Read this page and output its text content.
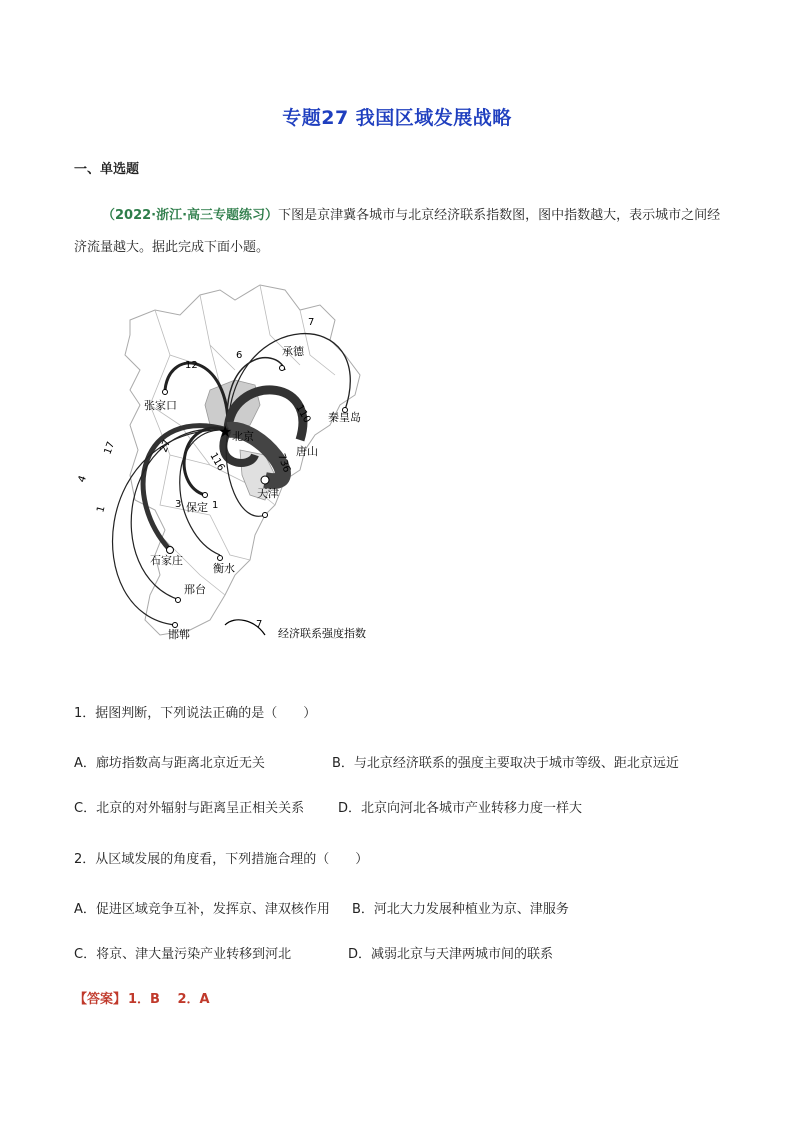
专题27 我国区域发展战略
一、单选题
（2022·浙江·高三专题练习）下图是京津冀各城市与北京经济联系指数图，图中指数越大，表示城市之间经济流量越大。据此完成下面小题。
★ 北京
天津
唐山
承德
秦皇岛
张家口
保定
石家庄
衡水
邢台
邯郸
7
6
12
110
736
116
27
17
4
1	3	1
7
经济联系强度指数
1．据图判断，下列说法正确的是（　　）
A．廊坊指数高与距离北京近无关	B．与北京经济联系的强度主要取决于城市等级、距北京远近
C．北京的对外辐射与距离呈正相关关系	D．北京向河北各城市产业转移力度一样大
2．从区域发展的角度看，下列措施合理的（　　）
A．促进区域竞争互补，发挥京、津双核作用 B．河北大力发展种植业为京、津服务
C．将京、津大量污染产业转移到河北	D．减弱北京与天津两城市间的联系
【答案】 1．B　 2．A
